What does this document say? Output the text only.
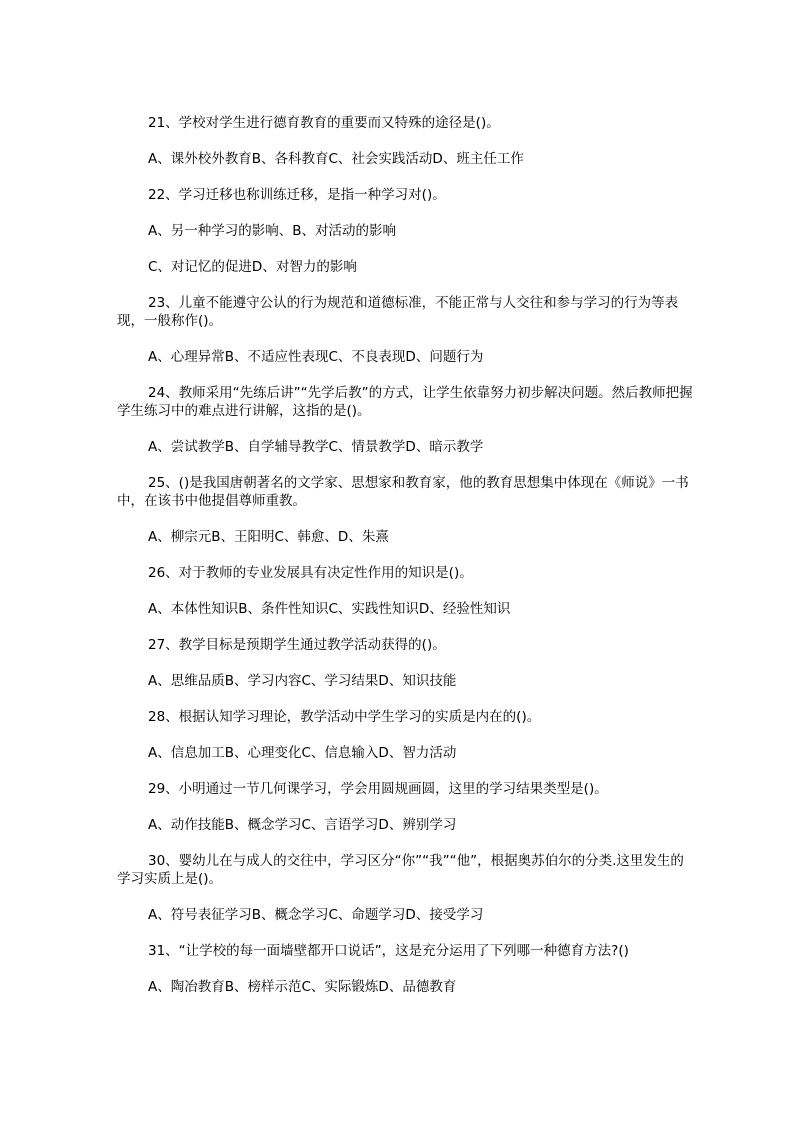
21、学校对学生进行德育教育的重要而又特殊的途径是()。

A、课外校外教育B、各科教育C、社会实践活动D、班主任工作

22、学习迁移也称训练迁移，是指一种学习对()。

A、另一种学习的影响、B、对活动的影响

C、对记忆的促进D、对智力的影响

23、儿童不能遵守公认的行为规范和道德标准，不能正常与人交往和参与学习的行为等表现，一般称作()。

A、心理异常B、不适应性表现C、不良表现D、问题行为

24、教师采用“先练后讲”“先学后教”的方式，让学生依靠努力初步解决问题。然后教师把握学生练习中的难点进行讲解，这指的是()。

A、尝试教学B、自学辅导教学C、情景教学D、暗示教学

25、()是我国唐朝著名的文学家、思想家和教育家，他的教育思想集中体现在《师说》一书中，在该书中他提倡尊师重教。

A、柳宗元B、王阳明C、韩愈、D、朱熹

26、对于教师的专业发展具有决定性作用的知识是()。

A、本体性知识B、条件性知识C、实践性知识D、经验性知识

27、教学目标是预期学生通过教学活动获得的()。

A、思维品质B、学习内容C、学习结果D、知识技能

28、根据认知学习理论，教学活动中学生学习的实质是内在的()。

A、信息加工B、心理变化C、信息输入D、智力活动

29、小明通过一节几何课学习，学会用圆规画圆，这里的学习结果类型是()。

A、动作技能B、概念学习C、言语学习D、辨别学习

30、婴幼儿在与成人的交往中，学习区分“你”“我”“他”，根据奥苏伯尔的分类.这里发生的学习实质上是()。

A、符号表征学习B、概念学习C、命题学习D、接受学习

31、“让学校的每一面墙壁都开口说话”，这是充分运用了下列哪一种德育方法?()

A、陶冶教育B、榜样示范C、实际锻炼D、品德教育
